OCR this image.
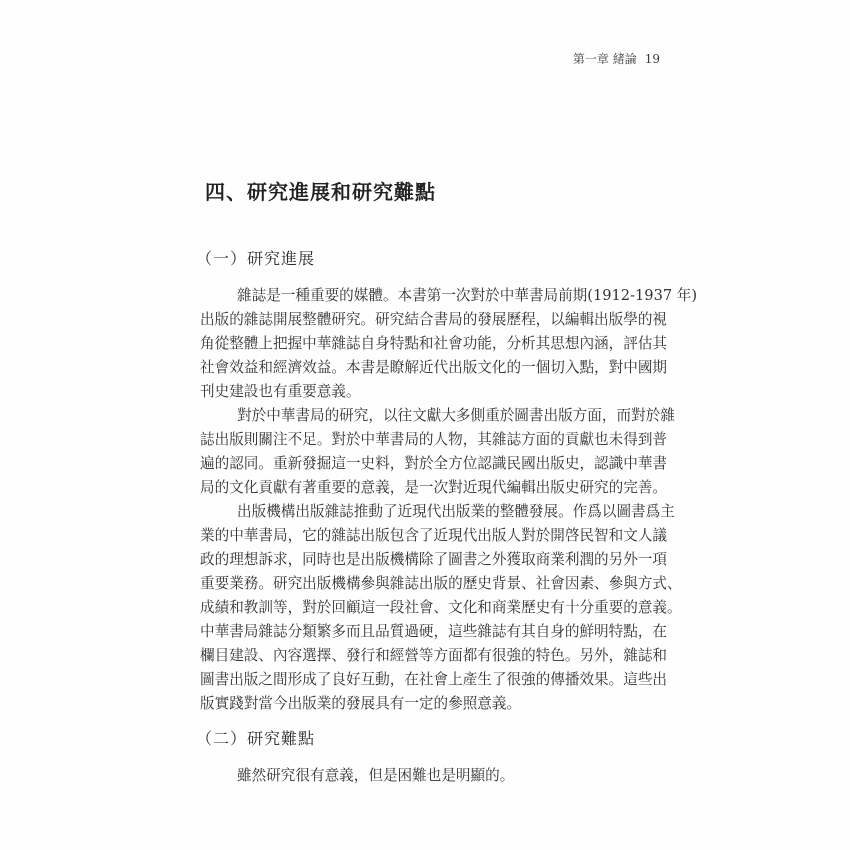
第一章 緒論 19
四、研究進展和研究難點
（一）研究進展
雜誌是一種重要的媒體。本書第一次對於中華書局前期(1912-1937 年)
出版的雜誌開展整體研究。研究結合書局的發展歷程，以編輯出版學的視
角從整體上把握中華雜誌自身特點和社會功能，分析其思想內涵，評估其
社會效益和經濟效益。本書是瞭解近代出版文化的一個切入點，對中國期
刊史建設也有重要意義。
對於中華書局的研究，以往文獻大多側重於圖書出版方面，而對於雜
誌出版則關注不足。對於中華書局的人物，其雜誌方面的貢獻也未得到普
遍的認同。重新發掘這一史料，對於全方位認識民國出版史，認識中華書
局的文化貢獻有著重要的意義，是一次對近現代編輯出版史研究的完善。
出版機構出版雜誌推動了近現代出版業的整體發展。作爲以圖書爲主
業的中華書局，它的雜誌出版包含了近現代出版人對於開啓民智和文人議
政的理想訴求，同時也是出版機構除了圖書之外獲取商業利潤的另外一項
重要業務。研究出版機構參與雜誌出版的歷史背景、社會因素、參與方式、
成績和教訓等，對於回顧這一段社會、文化和商業歷史有十分重要的意義。
中華書局雜誌分類繁多而且品質過硬，這些雜誌有其自身的鮮明特點，在
欄目建設、內容選擇、發行和經營等方面都有很強的特色。另外，雜誌和
圖書出版之間形成了良好互動，在社會上產生了很強的傳播效果。這些出
版實踐對當今出版業的發展具有一定的參照意義。
（二）研究難點
雖然研究很有意義，但是困難也是明顯的。
